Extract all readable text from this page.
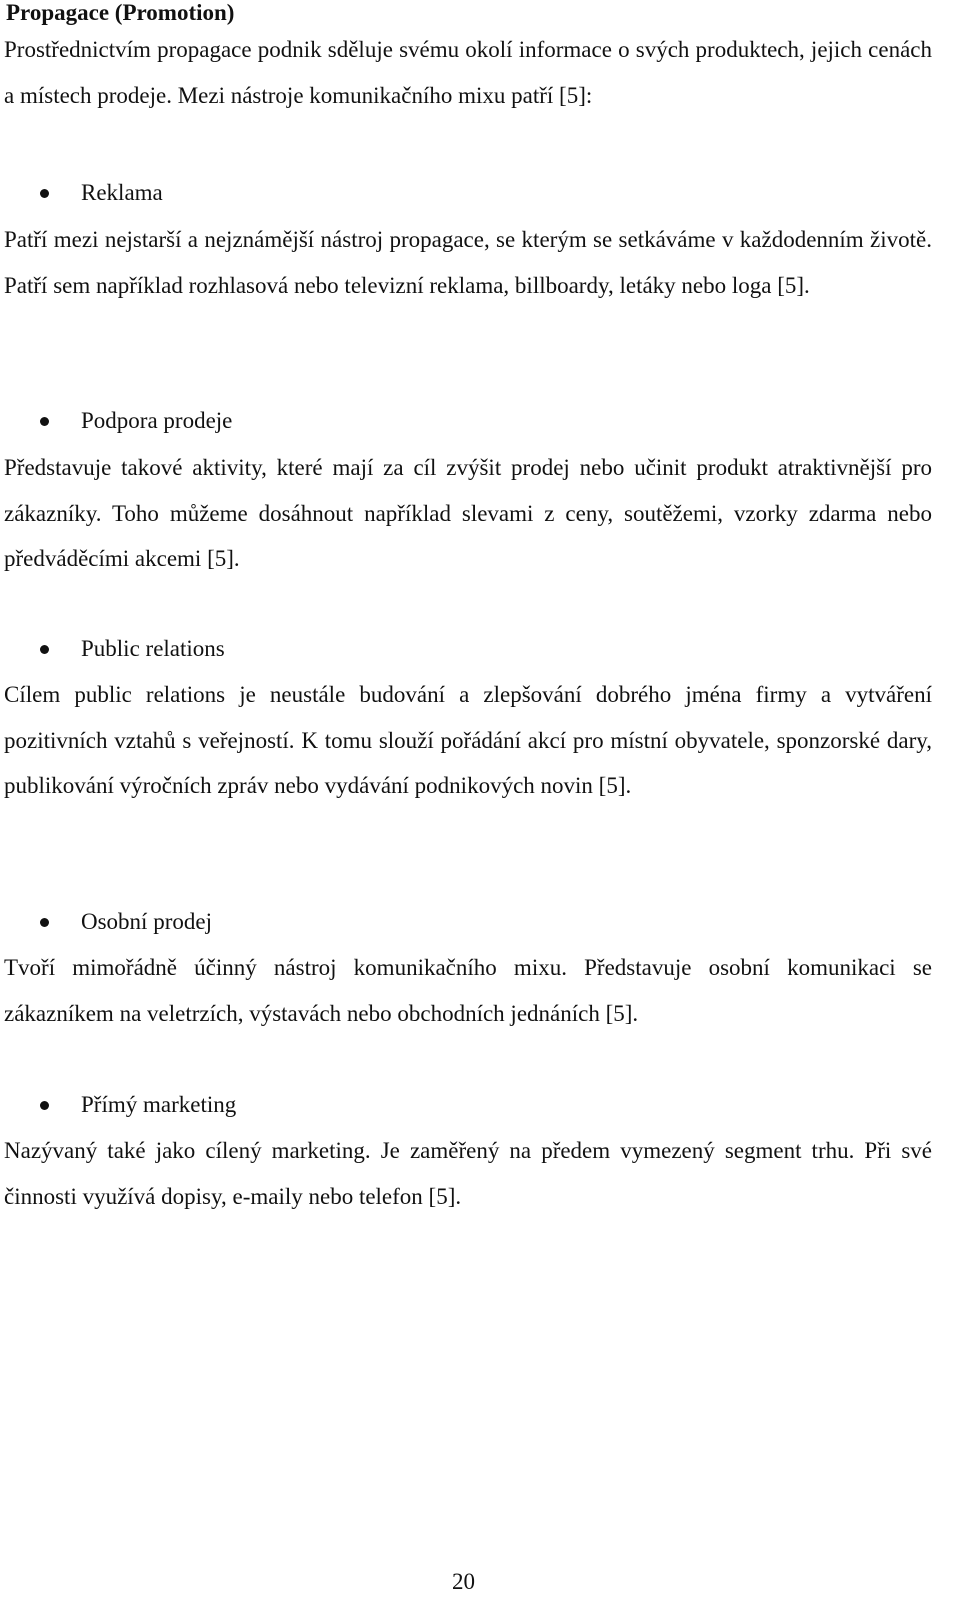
Propagace (Promotion)

Prostřednictvím propagace podnik sděluje svému okolí informace o svých produktech, jejich cenách a místech prodeje. Mezi nástroje komunikačního mixu patří [5]:

Reklama

Patří mezi nejstarší a nejznámější nástroj propagace, se kterým se setkáváme v každodenním životě. Patří sem například rozhlasová nebo televizní reklama, billboardy, letáky nebo loga [5].

Podpora prodeje

Představuje takové aktivity, které mají za cíl zvýšit prodej nebo učinit produkt atraktivnější pro zákazníky. Toho můžeme dosáhnout například slevami z ceny, soutěžemi, vzorky zdarma nebo předváděcími akcemi [5].

Public relations

Cílem public relations je neustále budování a zlepšování dobrého jména firmy a vytváření pozitivních vztahů s veřejností. K tomu slouží pořádání akcí pro místní obyvatele, sponzorské dary, publikování výročních zpráv nebo vydávání podnikových novin [5].

Osobní prodej

Tvoří mimořádně účinný nástroj komunikačního mixu. Představuje osobní komunikaci se zákazníkem na veletrzích, výstavách nebo obchodních jednáních [5].

Přímý marketing

Nazývaný také jako cílený marketing. Je zaměřený na předem vymezený segment trhu. Při své činnosti využívá dopisy, e-maily nebo telefon [5].

20
